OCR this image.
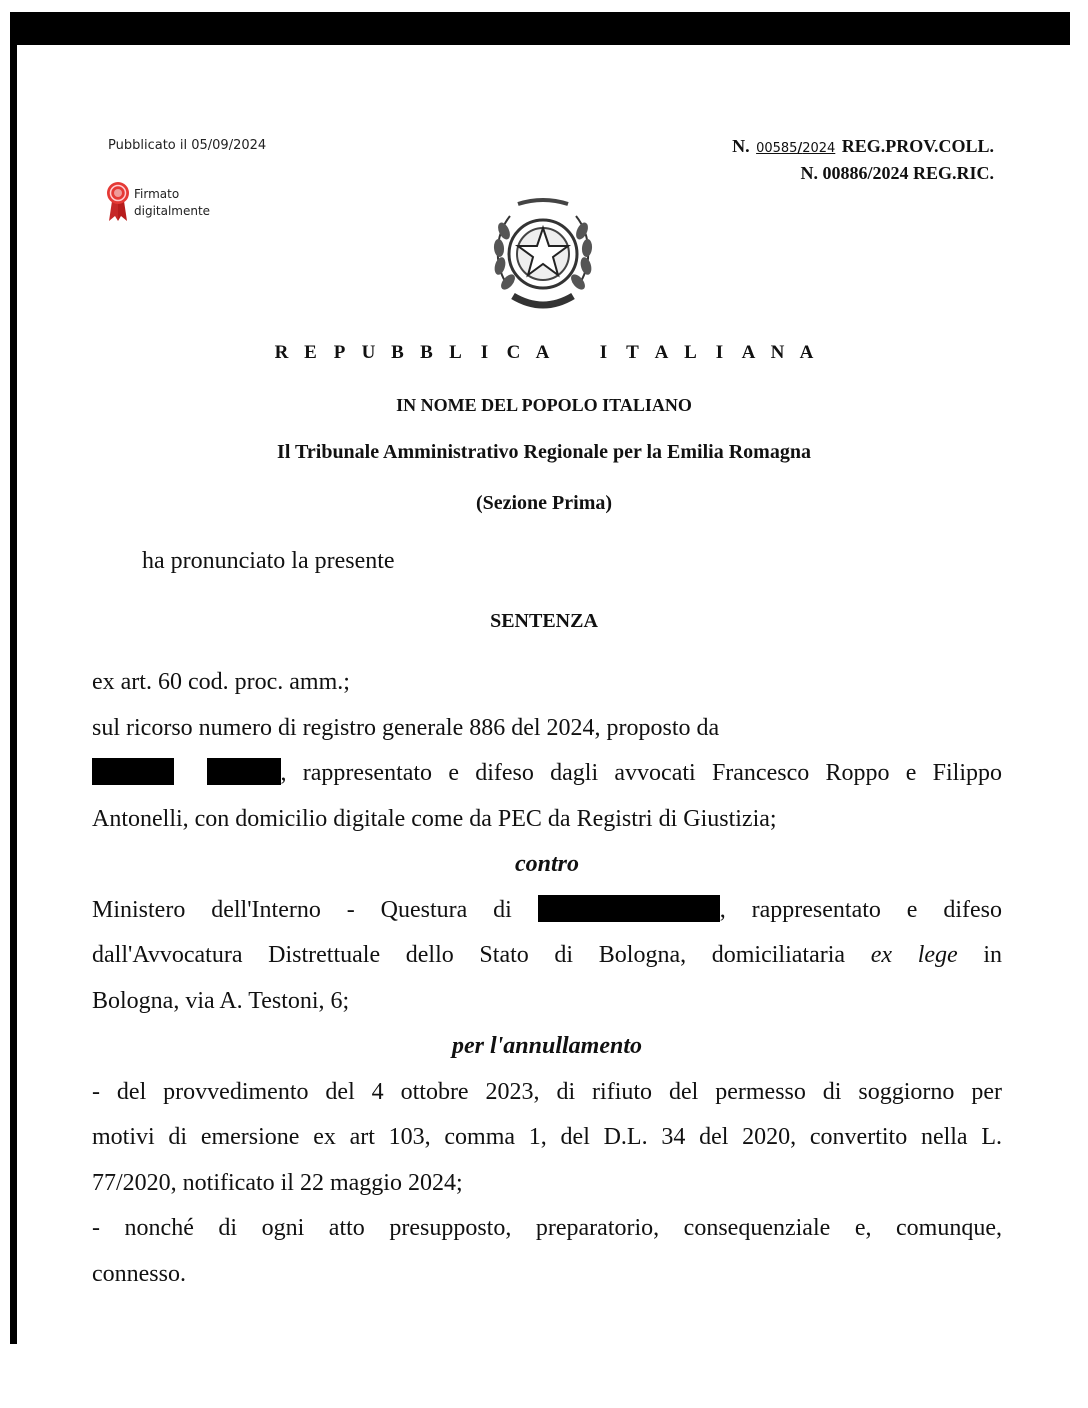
Pubblicato il 05/09/2024	N. 00585/2024 REG.PROV.COLL.
N. 00886/2024 REG.RIC.
Firmato
digitalmente
R E P U B B L I C A	I T A L I A N A
IN NOME DEL POPOLO ITALIANO
Il Tribunale Amministrativo Regionale per la Emilia Romagna
(Sezione Prima)
ha pronunciato la presente
SENTENZA
ex art. 60 cod. proc. amm.;
sul ricorso numero di registro generale 886 del 2024, proposto da
, rappresentato e difeso dagli avvocati Francesco Roppo e Filippo
Antonelli, con domicilio digitale come da PEC da Registri di Giustizia;
contro
Ministero dell'Interno - Questura di	, rappresentato e difeso
dall'Avvocatura Distrettuale dello Stato di Bologna, domiciliataria ex lege in
Bologna, via A. Testoni, 6;
per l'annullamento
- del provvedimento del 4 ottobre 2023, di rifiuto del permesso di soggiorno per
motivi di emersione ex art 103, comma 1, del D.L. 34 del 2020, convertito nella L.
77/2020, notificato il 22 maggio 2024;
- nonché di ogni atto presupposto, preparatorio, consequenziale e, comunque,
connesso.
